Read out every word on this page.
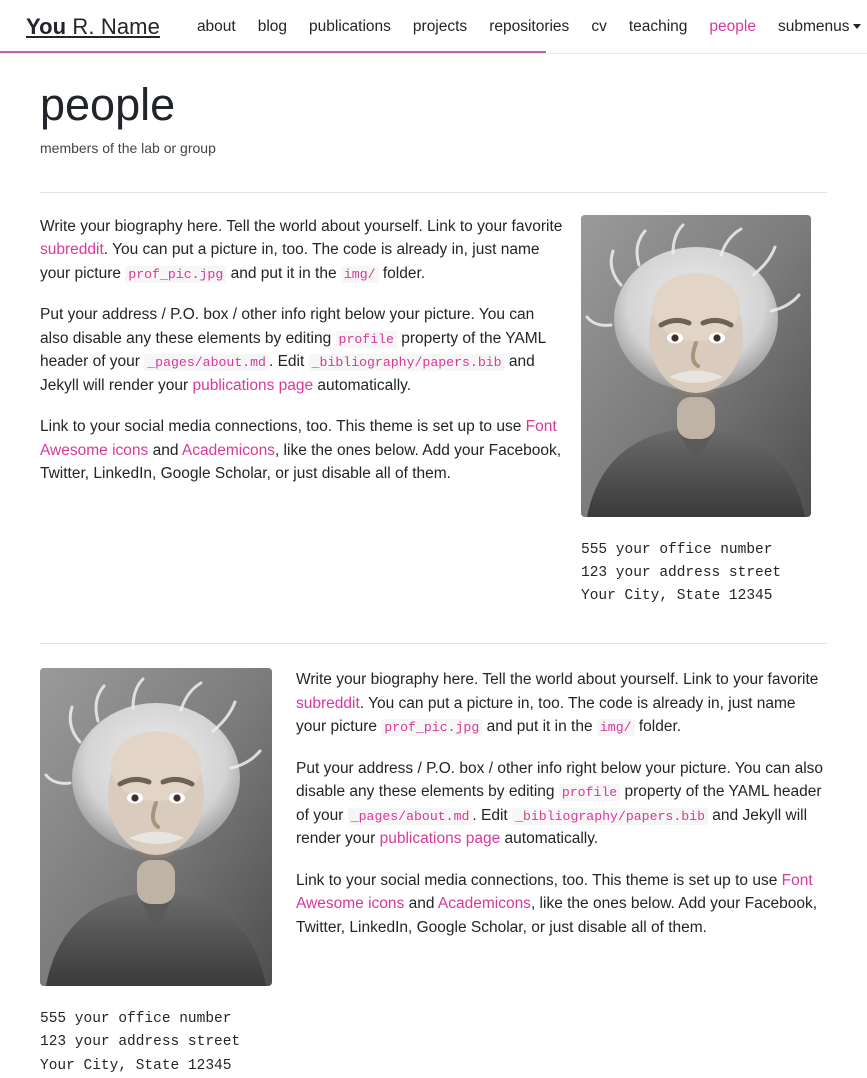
You R. Name	about	blog	publications	projects	repositories	cv	teaching	people	submenus
people
members of the lab or group

Write your biography here. Tell the world about yourself. Link to your favorite subreddit. You can put a picture in, too. The code is already in, just name your picture prof_pic.jpg and put it in the img/ folder.

Put your address / P.O. box / other info right below your picture. You can also disable any these elements by editing profile property of the YAML header of your _pages/about.md . Edit _bibliography/papers.bib and Jekyll will render your publications page automatically.

Link to your social media connections, too. This theme is set up to use Font Awesome icons and Academicons, like the ones below. Add your Facebook, Twitter, LinkedIn, Google Scholar, or just disable all of them.

555 your office number
123 your address street
Your City, State 12345
555 your office number
123 your address street
Your City, State 12345

Write your biography here. Tell the world about yourself. Link to your favorite subreddit. You can put a picture in, too. The code is already in, just name your picture prof_pic.jpg and put it in the img/ folder.

Put your address / P.O. box / other info right below your picture. You can also disable any these elements by editing profile property of the YAML header of your _pages/about.md . Edit _bibliography/papers.bib and Jekyll will render your publications page automatically.

Link to your social media connections, too. This theme is set up to use Font Awesome icons and Academicons, like the ones below. Add your Facebook, Twitter, LinkedIn, Google Scholar, or just disable all of them.
